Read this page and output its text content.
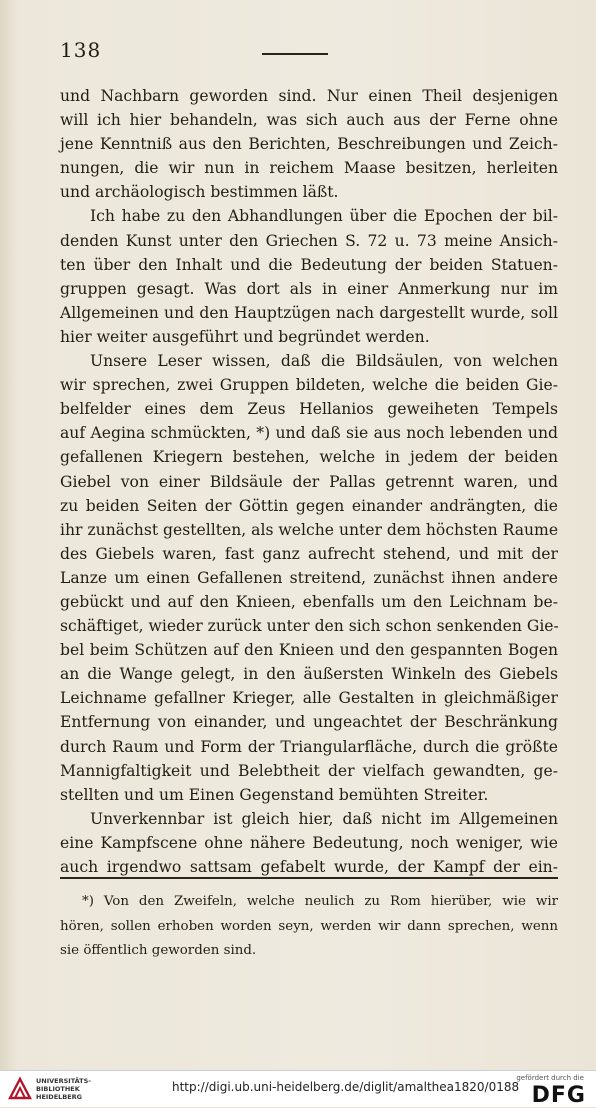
138
und Nachbarn geworden sind. Nur einen Theil desjenigen
will ich hier behandeln, was sich auch aus der Ferne ohne
jene Kenntniß aus den Berichten, Beschreibungen und Zeich-
nungen, die wir nun in reichem Maase besitzen, herleiten
und archäologisch bestimmen läßt.
Ich habe zu den Abhandlungen über die Epochen der bil-
denden Kunst unter den Griechen S. 72 u. 73 meine Ansich-
ten über den Inhalt und die Bedeutung der beiden Statuen-
gruppen gesagt. Was dort als in einer Anmerkung nur im
Allgemeinen und den Hauptzügen nach dargestellt wurde, soll
hier weiter ausgeführt und begründet werden.
Unsere Leser wissen, daß die Bildsäulen, von welchen
wir sprechen, zwei Gruppen bildeten, welche die beiden Gie-
belfelder eines dem Zeus Hellanios geweiheten Tempels
auf Aegina schmückten, *) und daß sie aus noch lebenden und
gefallenen Kriegern bestehen, welche in jedem der beiden
Giebel von einer Bildsäule der Pallas getrennt waren, und
zu beiden Seiten der Göttin gegen einander andrängten, die
ihr zunächst gestellten, als welche unter dem höchsten Raume
des Giebels waren, fast ganz aufrecht stehend, und mit der
Lanze um einen Gefallenen streitend, zunächst ihnen andere
gebückt und auf den Knieen, ebenfalls um den Leichnam be-
schäftiget, wieder zurück unter den sich schon senkenden Gie-
bel beim Schützen auf den Knieen und den gespannten Bogen
an die Wange gelegt, in den äußersten Winkeln des Giebels
Leichname gefallner Krieger, alle Gestalten in gleichmäßiger
Entfernung von einander, und ungeachtet der Beschränkung
durch Raum und Form der Triangularfläche, durch die größte
Mannigfaltigkeit und Belebtheit der vielfach gewandten, ge-
stellten und um Einen Gegenstand bemühten Streiter.
Unverkennbar ist gleich hier, daß nicht im Allgemeinen
eine Kampfscene ohne nähere Bedeutung, noch weniger, wie
auch irgendwo sattsam gefabelt wurde, der Kampf der ein-
*) Von den Zweifeln, welche neulich zu Rom hierüber, wie wir
hören, sollen erhoben worden seyn, werden wir dann sprechen, wenn
sie öffentlich geworden sind.
UNIVERSITÄTS-
BIBLIOTHEK
HEIDELBERG
http://digi.ub.uni-heidelberg.de/diglit/amalthea1820/0188
gefördert durch die
DFG
